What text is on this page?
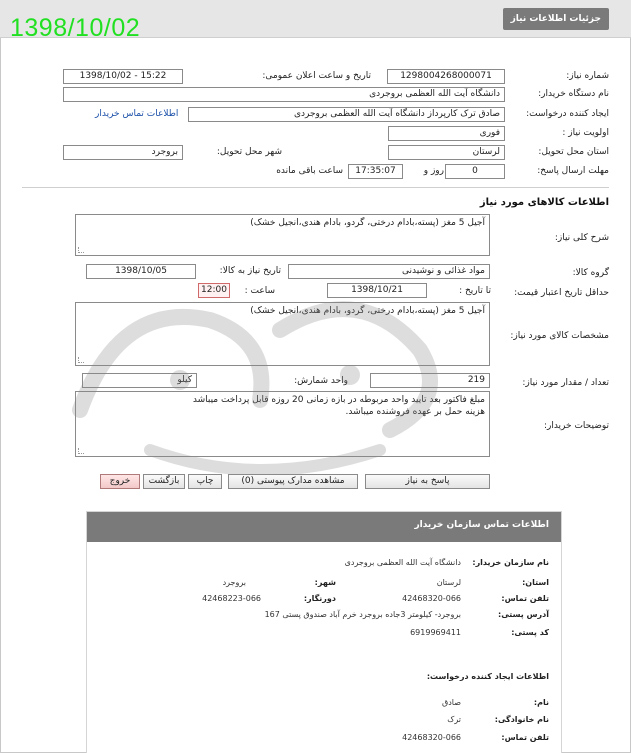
جزئیات اطلاعات نیاز
1398/10/02
شماره نیاز:
1298004268000071
تاریخ و ساعت اعلان عمومی:
1398/10/02 - 15:22
نام دستگاه خریدار:
دانشگاه آیت الله العظمی بروجردی
ایجاد کننده درخواست:
صادق ترک کارپرداز دانشگاه آیت الله العظمی بروجردی
اطلاعات تماس خریدار
اولویت نیاز :
فوری
استان محل تحویل:
لرستان
شهر محل تحویل:
بروجرد
مهلت ارسال پاسخ:
0
روز و
17:35:07
ساعت باقی مانده
اطلاعات کالاهای مورد نیاز
شرح کلی نیاز:
آجیل 5 مغز (پسته،بادام درختی، گردو، بادام هندی،انجیل خشک)
گروه کالا:
مواد غذائی و نوشیدنی
تاریخ نیاز به کالا:
1398/10/05
حداقل تاریخ اعتبار قیمت:
تا تاریخ :
1398/10/21
ساعت :
12:00
مشخصات کالای مورد نیاز:
آجیل 5 مغز (پسته،بادام درختی، گردو، بادام هندی،انجیل خشک)
تعداد / مقدار مورد نیاز:
219
واحد شمارش:
کیلو
توضیحات خریدار:
مبلغ فاکتور بعد تایید واحد مربوطه در بازه زمانی 20 روزه قابل پرداخت میباشد
هزینه حمل بر عهده فروشنده میباشد.
پاسخ به نیاز
مشاهده مدارک پیوستی (0)
چاپ
بازگشت
خروج
اطلاعات تماس سازمان خریدار
نام سازمان خریدار:
دانشگاه آیت الله العظمی بروجردی
استان:
لرستان
شهر:
بروجرد
تلفن تماس:
42468320-066
دورنگار:
42468223-066
آدرس پستی:
بروجرد- کیلومتر 3جاده بروجرد خرم آباد صندوق پستی 167
کد پستی:
6919969411
اطلاعات ایجاد کننده درخواست:
نام:
صادق
نام خانوادگی:
ترک
تلفن تماس:
42468320-066
